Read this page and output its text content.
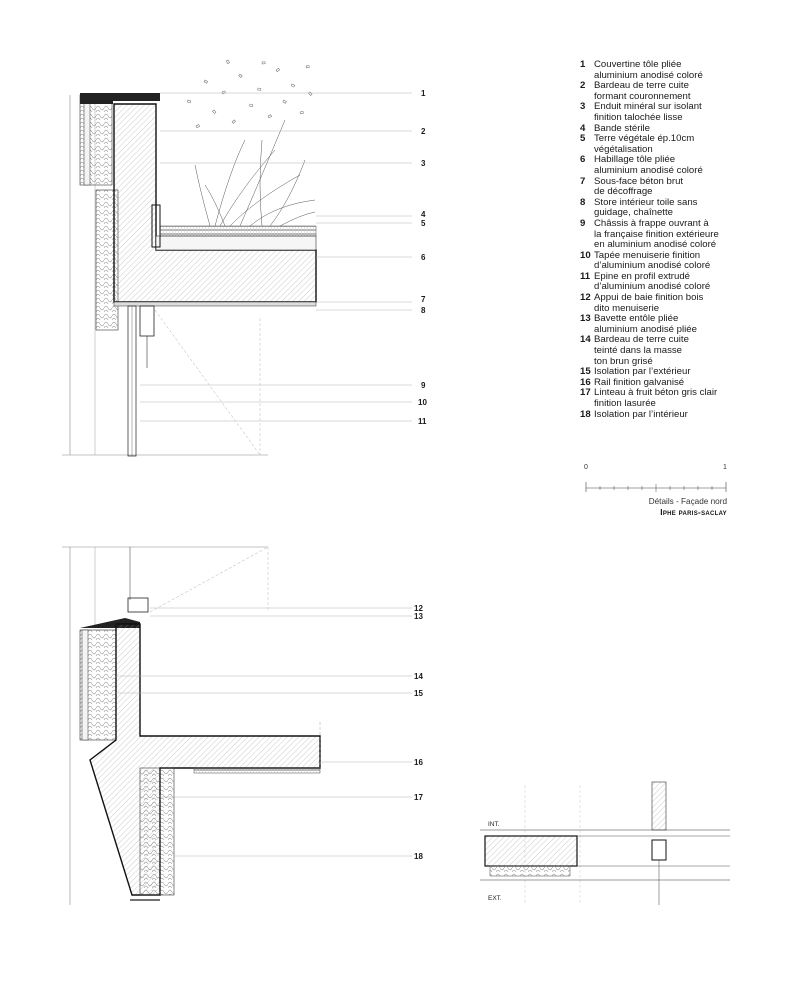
1
2
3
4
5
6
7
8
9
10
11
12
13
14
15
16
17
18
INT.
EXT.
0	1
1 Couvertine tôle pliée
aluminium anodisé coloré
2 Bardeau de terre cuite
formant couronnement
3 Enduit minéral sur isolant
finition talochée lisse
4 Bande stérile
5 Terre végétale ép.10cm
végétalisation
6 Habillage tôle pliée
aluminium anodisé coloré
7 Sous-face béton brut
de décoffrage
8 Store intérieur toile sans
guidage, chaînette
9 Châssis à frappe ouvrant à
la française finition extérieure
en aluminium anodisé coloré
10 Tapée menuiserie finition
d’aluminium anodisé coloré
11 Epine en profil extrudé
d’aluminium anodisé coloré
12 Appui de baie finition bois
dito menuiserie
13 Bavette entôle pliée
aluminium anodisé pliée
14 Bardeau de terre cuite
teinté dans la masse
ton brun grisé
15 Isolation par l’extérieur
16 Rail finition galvanisé
17 Linteau à fruit béton gris clair
finition lasurée
18 Isolation par l’intérieur
Détails - Façade nord
Iphe paris-saclay
